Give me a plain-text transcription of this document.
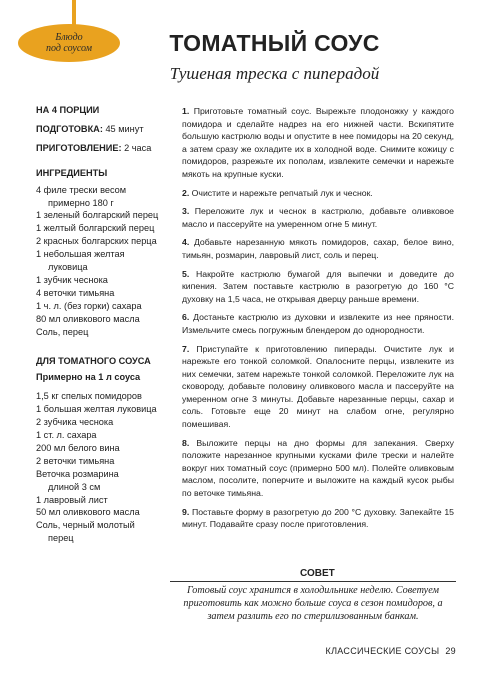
Блюдо
под соусом	ТОМАТНЫЙ СОУС
Тушеная треска с пиперадой

НА 4 ПОРЦИИ

ПОДГОТОВКА: 45 минут

ПРИГОТОВЛЕНИЕ: 2 часа

ИНГРЕДИЕНТЫ

4 филе трески весом

примерно 180 г

1 зеленый болгарский перец

1 желтый болгарский перец

2 красных болгарских перца

1 небольшая желтая

луковица

1 зубчик чеснока

4 веточки тимьяна

1 ч. л. (без горки) сахара

80 мл оливкового масла

Соль, перец

ДЛЯ ТОМАТНОГО СОУСА

Примерно на 1 л соуса

1,5 кг спелых помидоров

1 большая желтая луковица

2 зубчика чеснока

1 ст. л. сахара

200 мл белого вина

2 веточки тимьяна

Веточка розмарина

длиной 3 см

1 лавровый лист

50 мл оливкового масла

Соль, черный молотый

перец

1. Приготовьте томатный соус. Вырежьте плодоножку у каждого помидора и сделайте надрез на его нижней части. Вскипятите большую кастрюлю воды и опустите в нее помидоры на 20 секунд, а затем сразу же охладите их в холодной воде. Снимите кожицу с помидоров, разрежьте их пополам, извлеките семечки и нарежьте мякоть на крупные куски.

2. Очистите и нарежьте репчатый лук и чеснок.

3. Переложите лук и чеснок в кастрюлю, добавьте оливковое масло и пассеруйте на умеренном огне 5 минут.

4. Добавьте нарезанную мякоть помидоров, сахар, белое вино, тимьян, розмарин, лавровый лист, соль и перец.

5. Накройте кастрюлю бумагой для выпечки и доведите до кипения. Затем поставьте кастрюлю в разогретую до 160 °C духовку на 1,5 часа, не открывая дверцу раньше времени.

6. Достаньте кастрюлю из духовки и извлеките из нее пряности. Измельчите смесь погружным блендером до однородности.

7. Приступайте к приготовлению пиперады. Очистите лук и нарежьте его тонкой соломкой. Опалосните перцы, извлеките из них семечки, затем нарежьте тонкой соломкой. Переложите лук на сковороду, добавьте половину оливкового масла и пассеруйте на умеренном огне 3 минуты. Добавьте нарезанные перцы, сахар и соль. Готовьте еще 20 минут на слабом огне, регулярно помешивая.

8. Выложите перцы на дно формы для запекания. Сверху положите нарезанное крупными кусками филе трески и налейте вокруг них томатный соус (примерно 500 мл). Полейте оливковым маслом, посолите, поперчите и выложите на каждый кусок рыбы по веточке тимьяна.

9. Поставьте форму в разогретую до 200 °C духовку. Запекайте 15 минут. Подавайте сразу после приготовления.

СОВЕТ
Готовый соус хранится в холодильнике неделю. Советуем приготовить как можно больше соуса в сезон помидоров, а затем разлить его по стерилизованным банкам.
КЛАССИЧЕСКИЕ СОУСЫ 29
